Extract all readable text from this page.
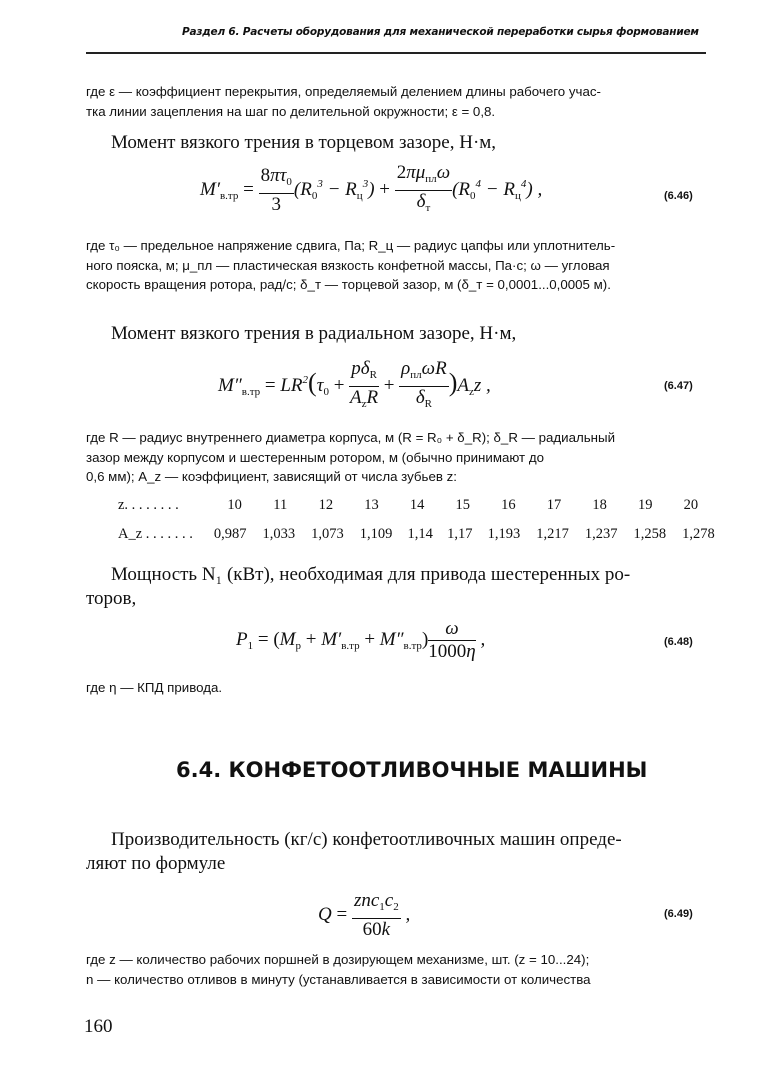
Раздел 6. Расчеты оборудования для механической переработки сырья формованием
где ε — коэффициент перекрытия, определяемый делением длины рабочего учас-
тка линии зацепления на шаг по делительной окружности; ε = 0,8.
Момент вязкого трения в торцевом зазоре, Н·м,
$M'_{в.тр} = \frac{8\pi\tau_0}{3} (R_0^3 - R_ц^3) + \frac{2\pi\mu_{пл}\omega}{\delta_т} (R_0^4 - R_ц^4)$ ,	(6.46)
где τ₀ — предельное напряжение сдвига, Па; R_ц — радиус цапфы или уплотнитель-
ного пояска, м; μ_пл — пластическая вязкость конфетной массы, Па·с; ω — угловая
скорость вращения ротора, рад/с; δ_т — торцевой зазор, м (δ_т = 0,0001...0,0005 м).
Момент вязкого трения в радиальном зазоре, Н·м,
$M''_{в.тр} = LR^2(\tau_0 + \frac{p\delta_R}{A_zR} + \frac{\rho_{пл}\omega R}{\delta_R} )A_zz$ ,	(6.47)
где R — радиус внутреннего диаметра корпуса, м (R = R₀ + δ_R); δ_R — радиальный
зазор между корпусом и шестеренным ротором, м (обычно принимают до
0,6 мм); A_z — коэффициент, зависящий от числа зубьев z:
z. . . . . . . .	10 11 12 13 14 15 16 17 18 19 20
A_z . . . . . . . 0,987 1,033 1,073 1,109 1,14 1,17 1,193 1,217 1,237 1,258 1,278
Мощность N₁ (кВт), необходимая для привода шестеренных ро-
торов,
$P_1 = (M_p + M'_{в.тр} + M''_{в.тр}) \frac{\omega}{1000\eta}$ ,	(6.48)
где η — КПД привода.
6.4. КОНФЕТООТЛИВОЧНЫЕ МАШИНЫ
Производительность (кг/с) конфетоотливочных машин опреде-
ляют по формуле
$Q = \frac{znc_1c_2}{60k}$ ,	(6.49)
где z — количество рабочих поршней в дозирующем механизме, шт. (z = 10...24);
n — количество отливов в минуту (устанавливается в зависимости от количества
160
